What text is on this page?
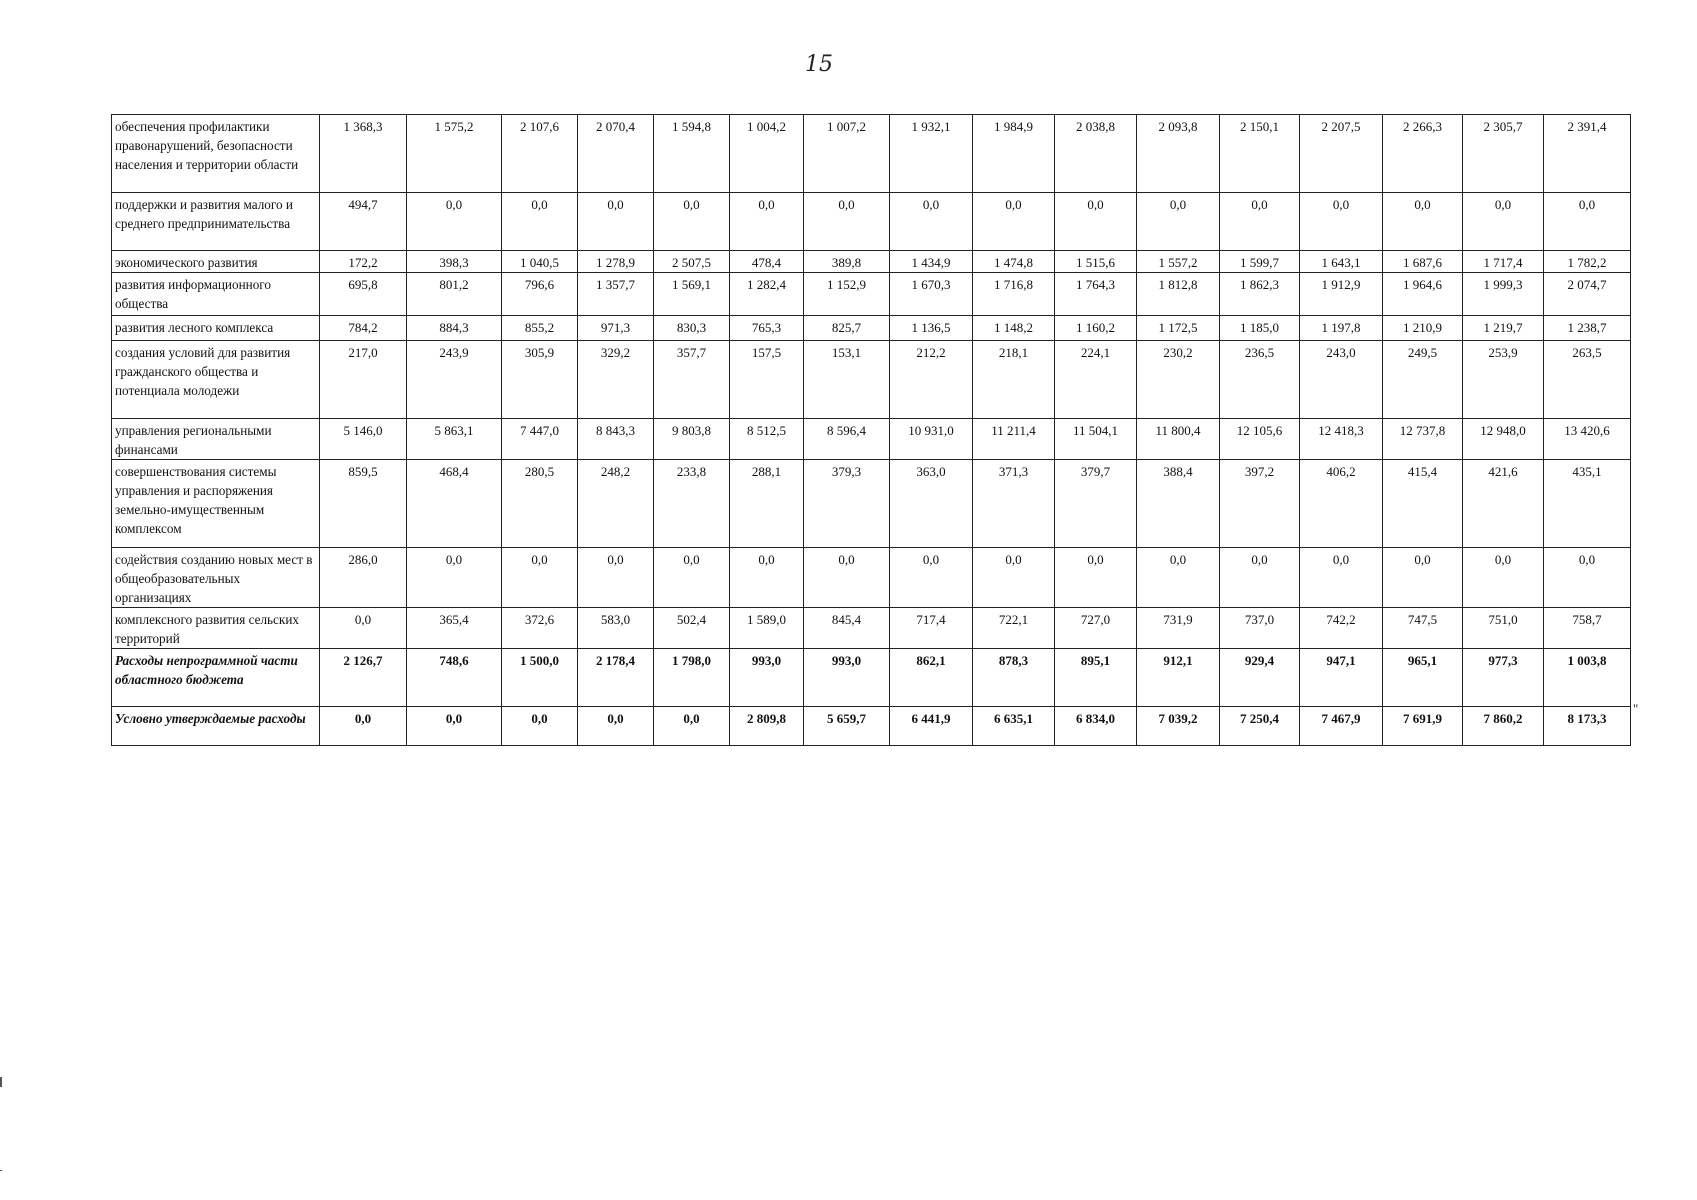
15
обеспечения профилактики правонарушений, безопасности населения и территории области	1 368,3	1 575,2	2 107,6	2 070,4	1 594,8	1 004,2	1 007,2	1 932,1	1 984,9	2 038,8	2 093,8	2 150,1	2 207,5	2 266,3	2 305,7	2 391,4
поддержки и развития малого и среднего предпринимательства	494,7	0,0	0,0	0,0	0,0	0,0	0,0	0,0	0,0	0,0	0,0	0,0	0,0	0,0	0,0	0,0
экономического развития	172,2	398,3	1 040,5	1 278,9	2 507,5	478,4	389,8	1 434,9	1 474,8	1 515,6	1 557,2	1 599,7	1 643,1	1 687,6	1 717,4	1 782,2
развития информационного общества	695,8	801,2	796,6	1 357,7	1 569,1	1 282,4	1 152,9	1 670,3	1 716,8	1 764,3	1 812,8	1 862,3	1 912,9	1 964,6	1 999,3	2 074,7
развития лесного комплекса	784,2	884,3	855,2	971,3	830,3	765,3	825,7	1 136,5	1 148,2	1 160,2	1 172,5	1 185,0	1 197,8	1 210,9	1 219,7	1 238,7
создания условий для развития гражданского общества и потенциала молодежи	217,0	243,9	305,9	329,2	357,7	157,5	153,1	212,2	218,1	224,1	230,2	236,5	243,0	249,5	253,9	263,5
управления региональными финансами	5 146,0	5 863,1	7 447,0	8 843,3	9 803,8	8 512,5	8 596,4	10 931,0	11 211,4	11 504,1	11 800,4	12 105,6	12 418,3	12 737,8	12 948,0	13 420,6
совершенствования системы управления и распоряжения земельно-имущественным комплексом	859,5	468,4	280,5	248,2	233,8	288,1	379,3	363,0	371,3	379,7	388,4	397,2	406,2	415,4	421,6	435,1
содействия созданию новых мест в общеобразовательных организациях	286,0	0,0	0,0	0,0	0,0	0,0	0,0	0,0	0,0	0,0	0,0	0,0	0,0	0,0	0,0	0,0
комплексного развития сельских территорий	0,0	365,4	372,6	583,0	502,4	1 589,0	845,4	717,4	722,1	727,0	731,9	737,0	742,2	747,5	751,0	758,7
Расходы непрограммной части областного бюджета	2 126,7	748,6	1 500,0	2 178,4	1 798,0	993,0	993,0	862,1	878,3	895,1	912,1	929,4	947,1	965,1	977,3	1 003,8
Условно утверждаемые расходы	0,0	0,0	0,0	0,0	0,0	2 809,8	5 659,7	6 441,9	6 635,1	6 834,0	7 039,2	7 250,4	7 467,9	7 691,9	7 860,2	8 173,3
"
